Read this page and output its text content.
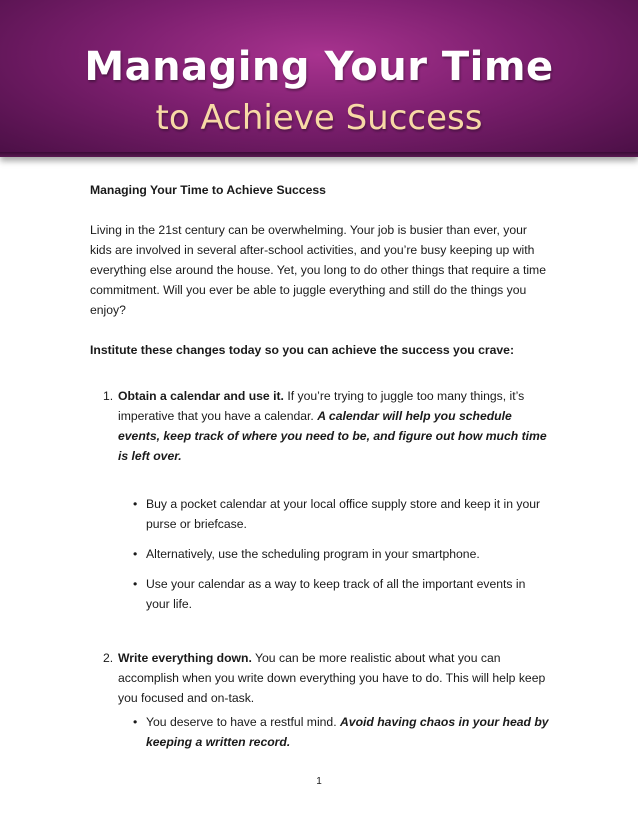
Managing Your Time
to Achieve Success

Managing Your Time to Achieve Success

Living in the 21st century can be overwhelming. Your job is busier than ever, your kids are involved in several after-school activities, and you’re busy keeping up with everything else around the house. Yet, you long to do other things that require a time commitment. Will you ever be able to juggle everything and still do the things you enjoy?

Institute these changes today so you can achieve the success you crave:

1. Obtain a calendar and use it. If you’re trying to juggle too many things, it’s imperative that you have a calendar. A calendar will help you schedule events, keep track of where you need to be, and figure out how much time is left over.

• Buy a pocket calendar at your local office supply store and keep it in your purse or briefcase.

• Alternatively, use the scheduling program in your smartphone.

• Use your calendar as a way to keep track of all the important events in your life.

2. Write everything down. You can be more realistic about what you can accomplish when you write down everything you have to do. This will help keep you focused and on-task.

• You deserve to have a restful mind. Avoid having chaos in your head by keeping a written record.

1
